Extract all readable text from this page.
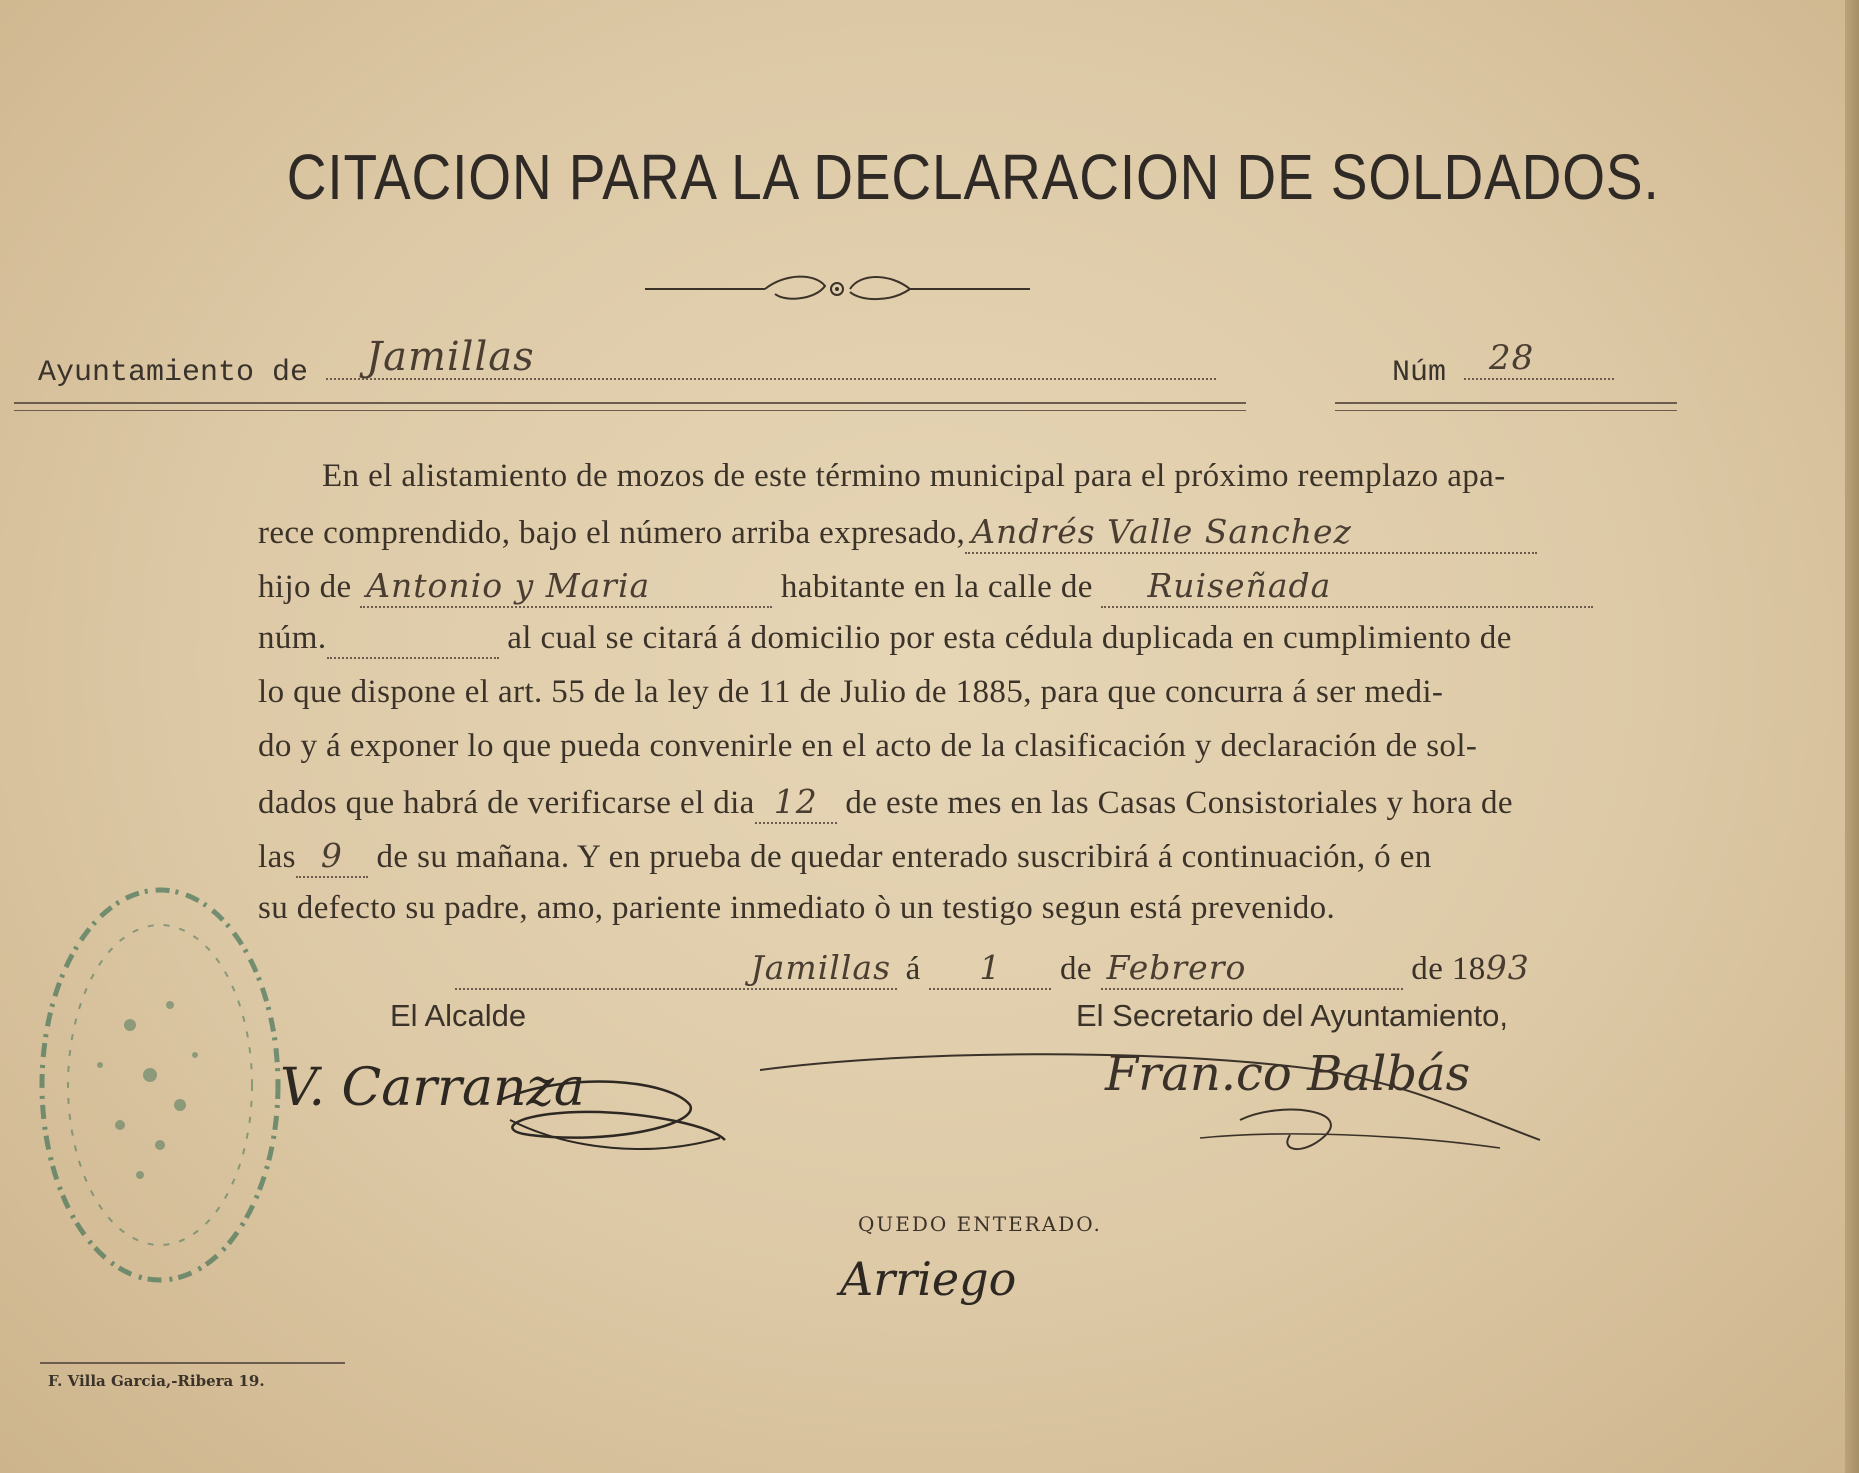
CITACION PARA LA DECLARACION DE SOLDADOS.
Ayuntamiento de Jamillas	Núm 28
En el alistamiento de mozos de este término municipal para el próximo reemplazo apa-
rece comprendido, bajo el número arriba expresado, Andrés Valle Sanchez
hijo de Antonio y Maria	habitante en la calle de Ruiseñada
núm.	al cual se citará á domicilio por esta cédula duplicada en cumplimiento de
lo que dispone el art. 55 de la ley de 11 de Julio de 1885, para que concurra á ser medi-
do y á exponer lo que pueda convenirle en el acto de la clasificación y declaración de sol-
dados que habrá de verificarse el dia 12 de este mes en las Casas Consistoriales y hora de
las 9 de su mañana. Y en prueba de quedar enterado suscribirá á continuación, ó en
su defecto su padre, amo, pariente inmediato ò un testigo segun está prevenido.
Jamillas á 1 de Febrero	de 1893
El Alcalde	El Secretario del Ayuntamiento,
V. Carranza	Fran.co Balbás
QUEDO ENTERADO.
Arriego
F. Villa Garcia,-Ribera 19.
